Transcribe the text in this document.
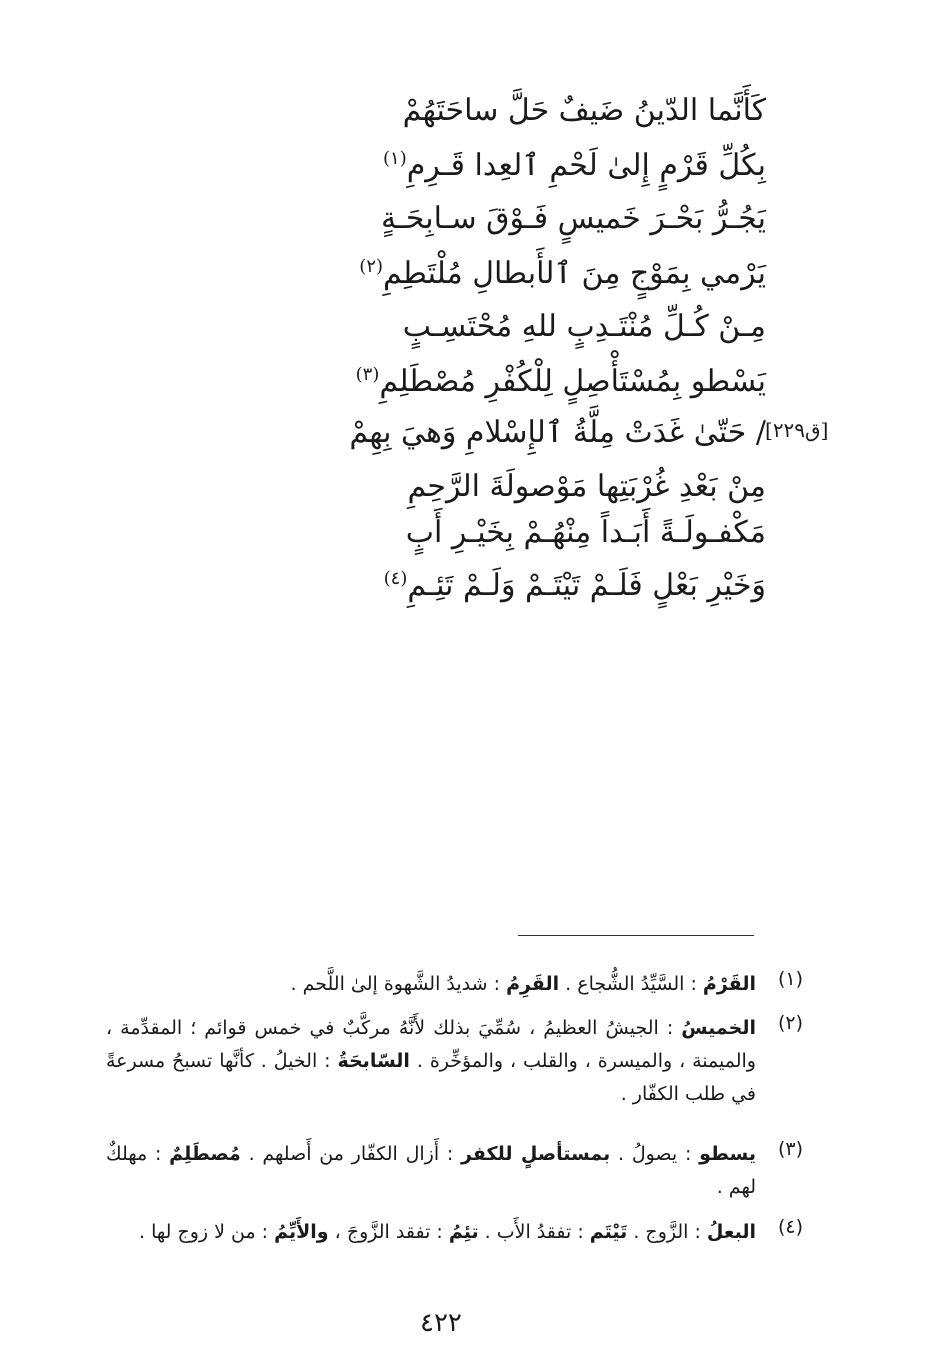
كَأَنَّما الدّينُ ضَيفٌ حَلَّ ساحَتَهُمْ
بِكُلِّ قَرْمٍ إِلىٰ لَحْمِ ٱلعِدا قَـرِمِ$^{(١)}$
يَجُـرُّ بَحْـرَ خَميسٍ فَـوْقَ سـابِحَـةٍ
يَرْمي بِمَوْجٍ مِنَ ٱلأَبطالِ مُلْتَطِمِ$^{(٢)}$
مِـنْ كُـلِّ مُنْتَـدِبٍ للهِ مُحْتَسِـبٍ
يَسْطو بِمُسْتَأْصِلٍ لِلْكُفْرِ مُصْطَلِمِ$^{(٣)}$
/ حَتّىٰ غَدَتْ مِلَّةُ ٱلإِسْلامِ وَهيَ بِهِمْ [ق٢٢٩]
مِنْ بَعْدِ غُرْبَتِها مَوْصولَةَ الرَّحِمِ
مَكْفـولَـةً أَبَـداً مِنْهُـمْ بِخَيْـرِ أَبٍ
وَخَيْرِ بَعْلٍ فَلَـمْ تَيْتَـمْ وَلَـمْ تَئِـمِ$^{(٤)}$
(١)
القَرْمُ : السَّيِّدُ الشُّجاع . القَرِمُ : شديدُ الشَّهوة إلىٰ اللَّحم .
(٢)
الخميسُ : الجيشُ العظيمُ ، سُمِّيَ بذلك لأَنَّهُ مركَّبٌ في خمس قوائم ؛ المقدِّمة ، والميمنة ، والميسرة ، والقلب ، والمؤخِّرة . السّابحَةُ : الخيلُ . كأنَّها تسبحُ مسرعةً في طلب الكفّار .
(٣)
يسطو : يصولُ . بمستأصلٍ للكفر : أَزال الكفّار من أَصلهم . مُصطَلِمٌ : مهلكٌ لهم .
(٤)
البعلُ : الزَّوج . تَيْتَم : تفقدُ الأَب . تئِمُ : تفقد الزَّوجَ ، والأَيِّمُ : من لا زوج لها .
٤٢٢
